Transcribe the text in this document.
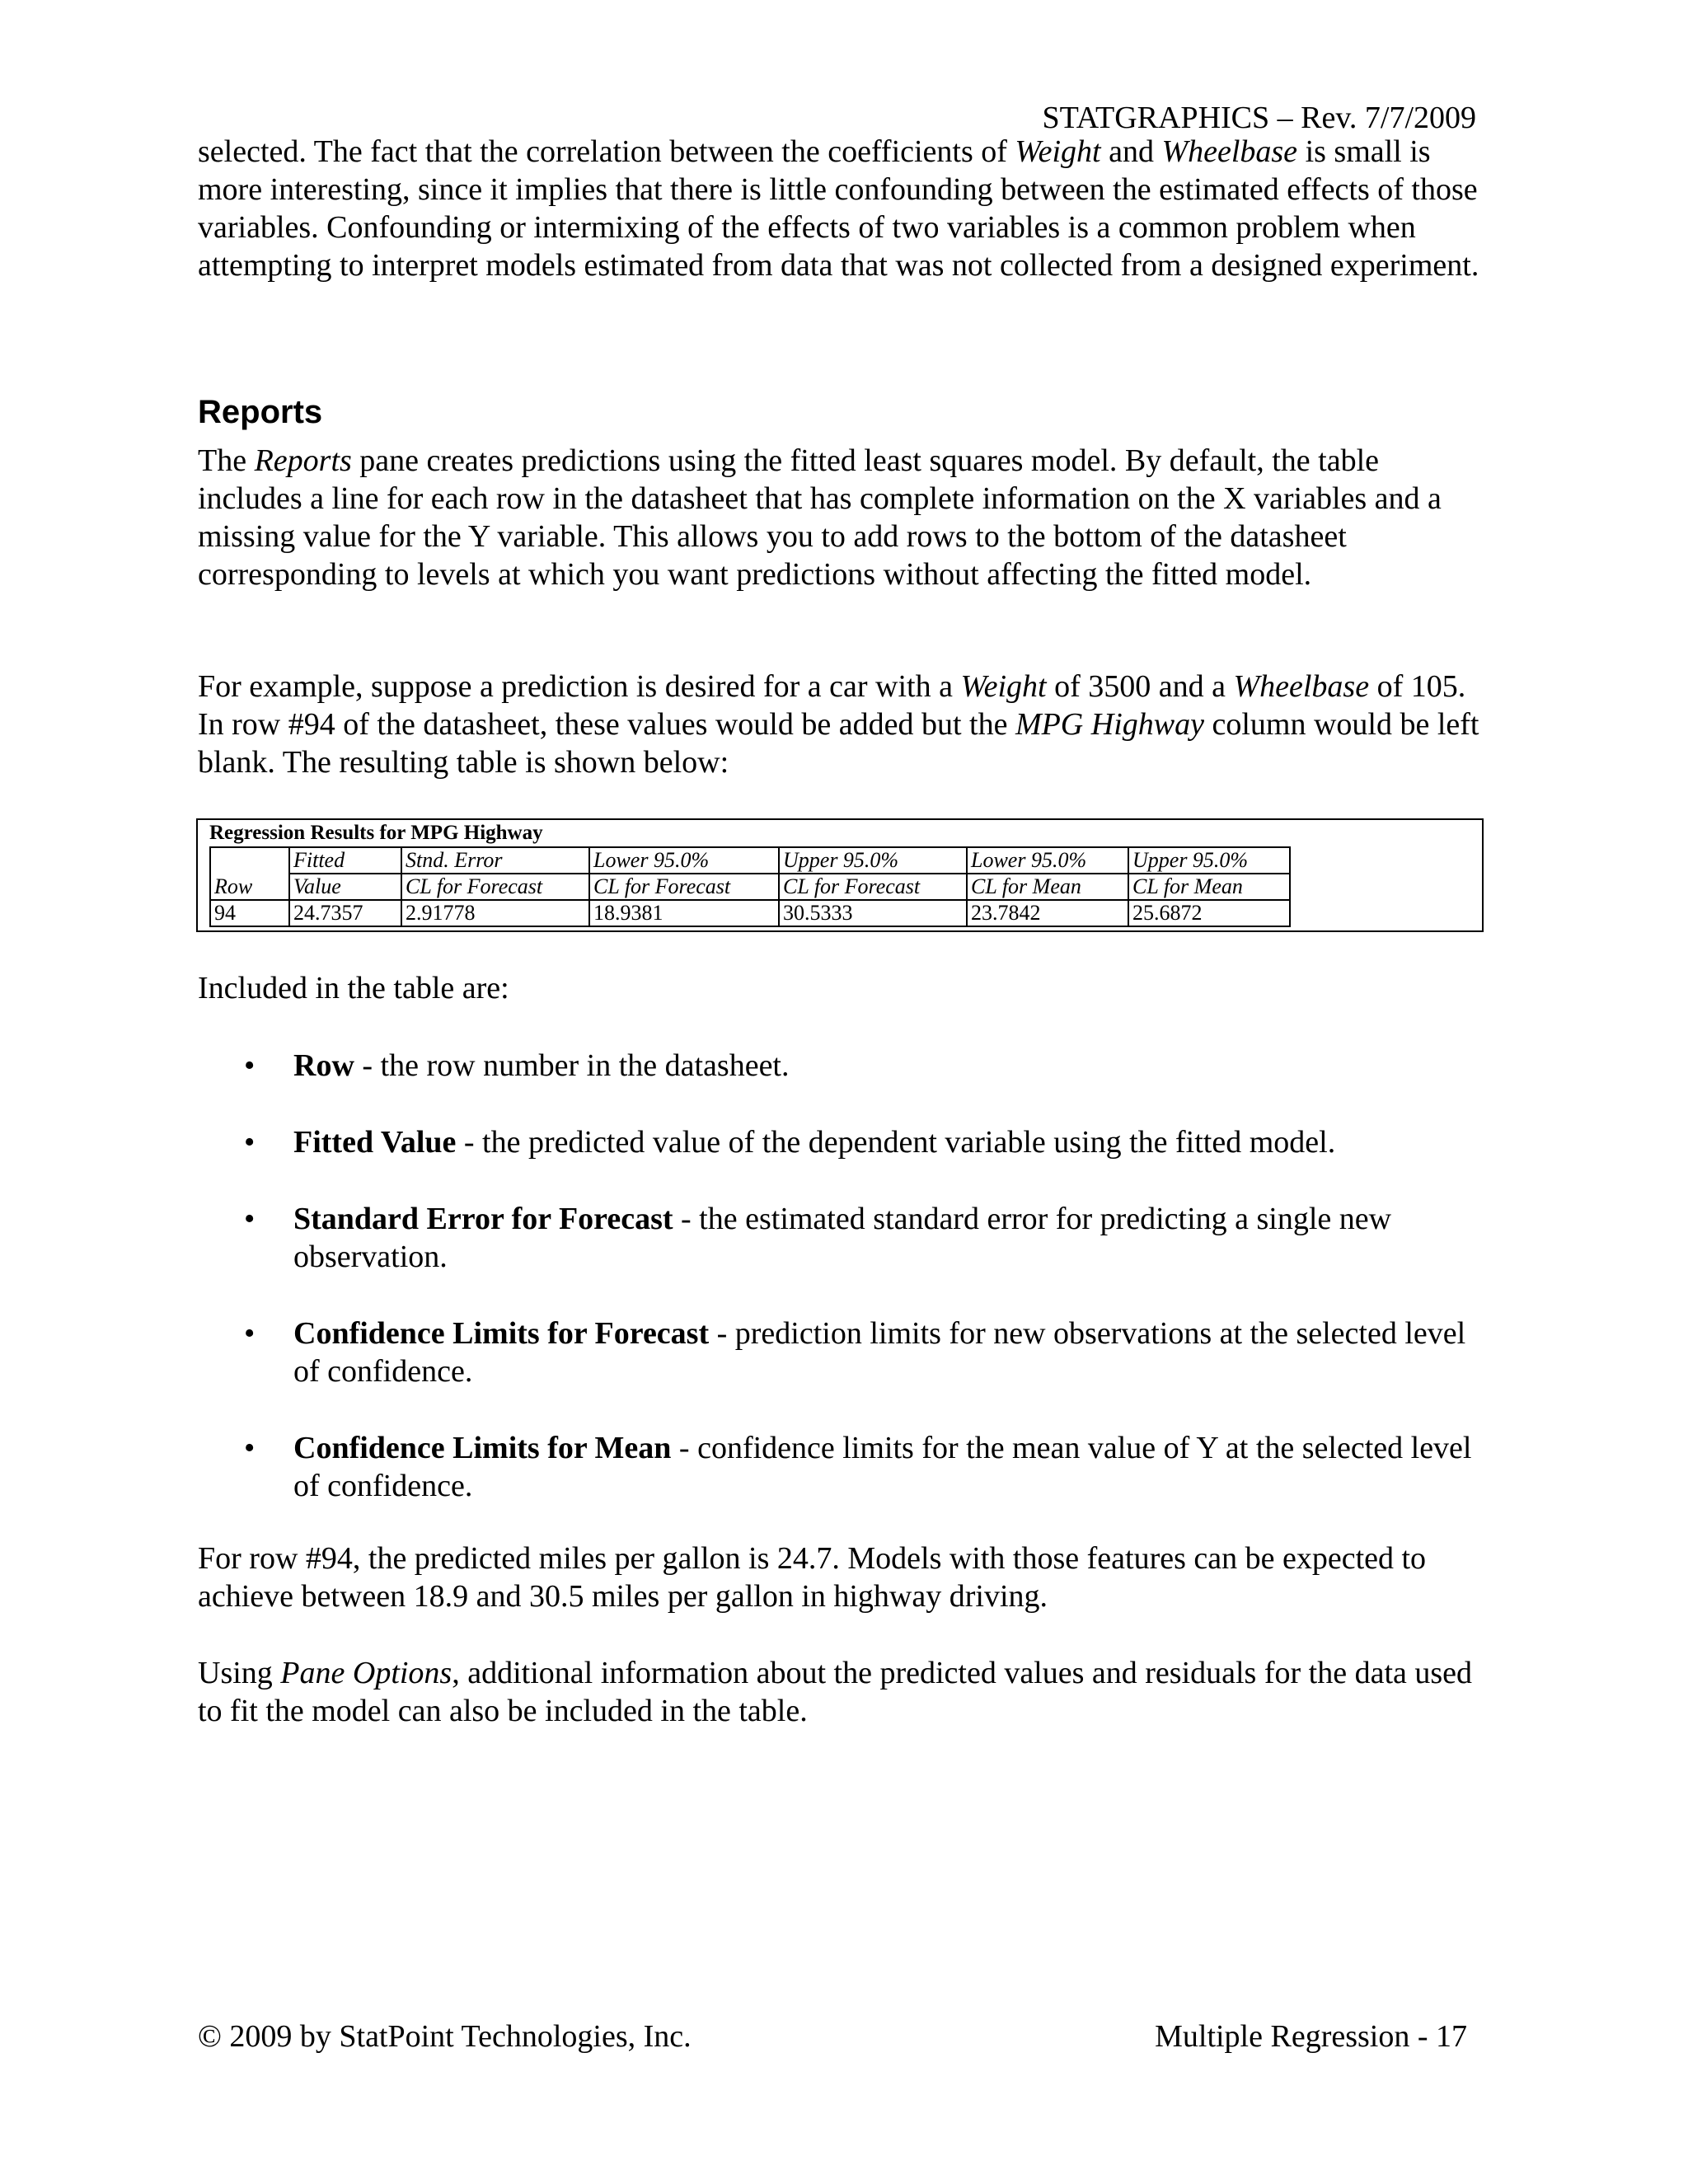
STATGRAPHICS – Rev. 7/7/2009

selected. The fact that the correlation between the coefficients of Weight and Wheelbase is small is more interesting, since it implies that there is little confounding between the estimated effects of those variables. Confounding or intermixing of the effects of two variables is a common problem when attempting to interpret models estimated from data that was not collected from a designed experiment.

Reports

The Reports pane creates predictions using the fitted least squares model. By default, the table includes a line for each row in the datasheet that has complete information on the X variables and a missing value for the Y variable. This allows you to add rows to the bottom of the datasheet corresponding to levels at which you want predictions without affecting the fitted model.

For example, suppose a prediction is desired for a car with a Weight of 3500 and a Wheelbase of 105. In row #94 of the datasheet, these values would be added but the MPG Highway column would be left blank. The resulting table is shown below:

Regression Results for MPG Highway
	Fitted	Stnd. Error	Lower 95.0%	Upper 95.0%	Lower 95.0%	Upper 95.0%
Row	Value	CL for Forecast	CL for Forecast	CL for Forecast	CL for Mean	CL for Mean
94	24.7357	2.91778	18.9381	30.5333	23.7842	25.6872

Included in the table are:

• Row - the row number in the datasheet.
• Fitted Value - the predicted value of the dependent variable using the fitted model.
• Standard Error for Forecast - the estimated standard error for predicting a single new observation.
• Confidence Limits for Forecast - prediction limits for new observations at the selected level of confidence.
• Confidence Limits for Mean - confidence limits for the mean value of Y at the selected level of confidence.

For row #94, the predicted miles per gallon is 24.7. Models with those features can be expected to achieve between 18.9 and 30.5 miles per gallon in highway driving.

Using Pane Options, additional information about the predicted values and residuals for the data used to fit the model can also be included in the table.

© 2009 by StatPoint Technologies, Inc.	Multiple Regression - 17
